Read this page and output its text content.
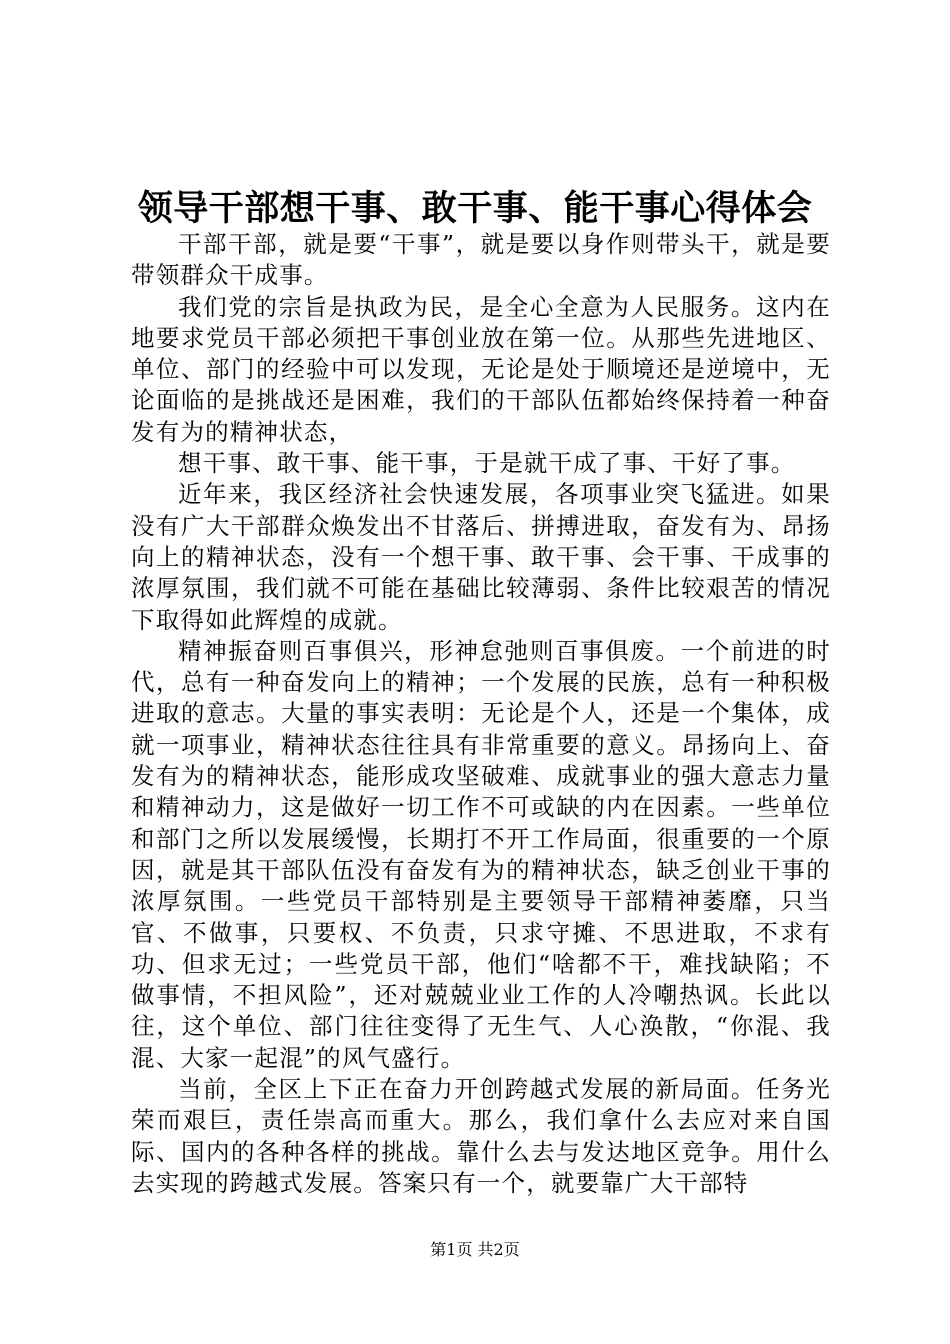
领导干部想干事、敢干事、能干事心得体会

干部干部，就是要“干事”，就是要以身作则带头干，就是要带领群众干成事。

我们党的宗旨是执政为民，是全心全意为人民服务。这内在地要求党员干部必须把干事创业放在第一位。从那些先进地区、单位、部门的经验中可以发现，无论是处于顺境还是逆境中，无论面临的是挑战还是困难，我们的干部队伍都始终保持着一种奋发有为的精神状态，

想干事、敢干事、能干事，于是就干成了事、干好了事。

近年来，我区经济社会快速发展，各项事业突飞猛进。如果没有广大干部群众焕发出不甘落后、拼搏进取，奋发有为、昂扬向上的精神状态，没有一个想干事、敢干事、会干事、干成事的浓厚氛围，我们就不可能在基础比较薄弱、条件比较艰苦的情况下取得如此辉煌的成就。

精神振奋则百事俱兴，形神怠弛则百事俱废。一个前进的时代，总有一种奋发向上的精神；一个发展的民族，总有一种积极进取的意志。大量的事实表明：无论是个人，还是一个集体，成就一项事业，精神状态往往具有非常重要的意义。昂扬向上、奋发有为的精神状态，能形成攻坚破难、成就事业的强大意志力量和精神动力，这是做好一切工作不可或缺的内在因素。一些单位和部门之所以发展缓慢，长期打不开工作局面，很重要的一个原因，就是其干部队伍没有奋发有为的精神状态，缺乏创业干事的浓厚氛围。一些党员干部特别是主要领导干部精神萎靡，只当官、不做事，只要权、不负责，只求守摊、不思进取，不求有功、但求无过；一些党员干部，他们“啥都不干，难找缺陷；不做事情，不担风险”，还对兢兢业业工作的人冷嘲热讽。长此以往，这个单位、部门往往变得了无生气、人心涣散，“你混、我混、大家一起混”的风气盛行。

当前，全区上下正在奋力开创跨越式发展的新局面。任务光荣而艰巨，责任崇高而重大。那么，我们拿什么去应对来自国际、国内的各种各样的挑战。靠什么去与发达地区竞争。用什么去实现的跨越式发展。答案只有一个，就要靠广大干部特

第1页 共2页
